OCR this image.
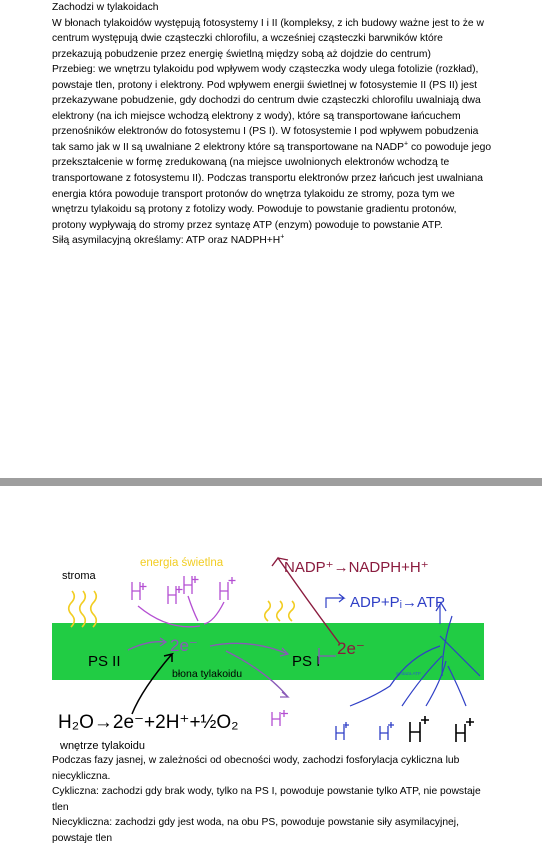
Zachodzi w tylakoidach

W błonach tylakoidów występują fotosystemy I i II (kompleksy, z ich budowy ważne jest to że w centrum występują dwie cząsteczki chlorofilu, a wcześniej cząsteczki barwników które przekazują pobudzenie przez energię świetlną między sobą aż dojdzie do centrum)

Przebieg: we wnętrzu tylakoidu pod wpływem wody cząsteczka wody ulega fotolizie (rozkład), powstaje tlen, protony i elektrony. Pod wpływem energii świetlnej w fotosystemie II (PS II) jest przekazywane pobudzenie, gdy dochodzi do centrum dwie cząsteczki chlorofilu uwalniają dwa elektrony (na ich miejsce wchodzą elektrony z wody), które są transportowane łańcuchem przenośników elektronów do fotosystemu I (PS I). W fotosystemie I pod wpływem pobudzenia tak samo jak w II są uwalniane 2 elektrony które są transportowane na NADP+ co powoduje jego przekształcenie w formę zredukowaną (na miejsce uwolnionych elektronów wchodzą te transportowane z fotosystemu II). Podczas transportu elektronów przez łańcuch jest uwalniana energia która powoduje transport protonów do wnętrza tylakoidu ze stromy, poza tym we wnętrzu tylakoidu są protony z fotolizy wody. Powoduje to powstanie gradientu protonów, protony wypływają do stromy przez syntazę ATP (enzym) powoduje to powstanie ATP.

Siłą asymilacyjną określamy: ATP oraz NADPH+H+

syntaza ATP
stroma
energia świetlna
błona tylakoidu
wnętrze tylakoidu
PS II
2e⁻
PS I
2e⁻
NADP⁺→NADPH+H⁺
ADP+Pᵢ→ATP
H₂O→2e⁻+2H⁺+½O₂

Podczas fazy jasnej, w zależności od obecności wody, zachodzi fosforylacja cykliczna lub niecykliczna.

Cykliczna: zachodzi gdy brak wody, tylko na PS I, powoduje powstanie tylko ATP, nie powstaje tlen

Niecykliczna: zachodzi gdy jest woda, na obu PS, powoduje powstanie siły asymilacyjnej, powstaje tlen
